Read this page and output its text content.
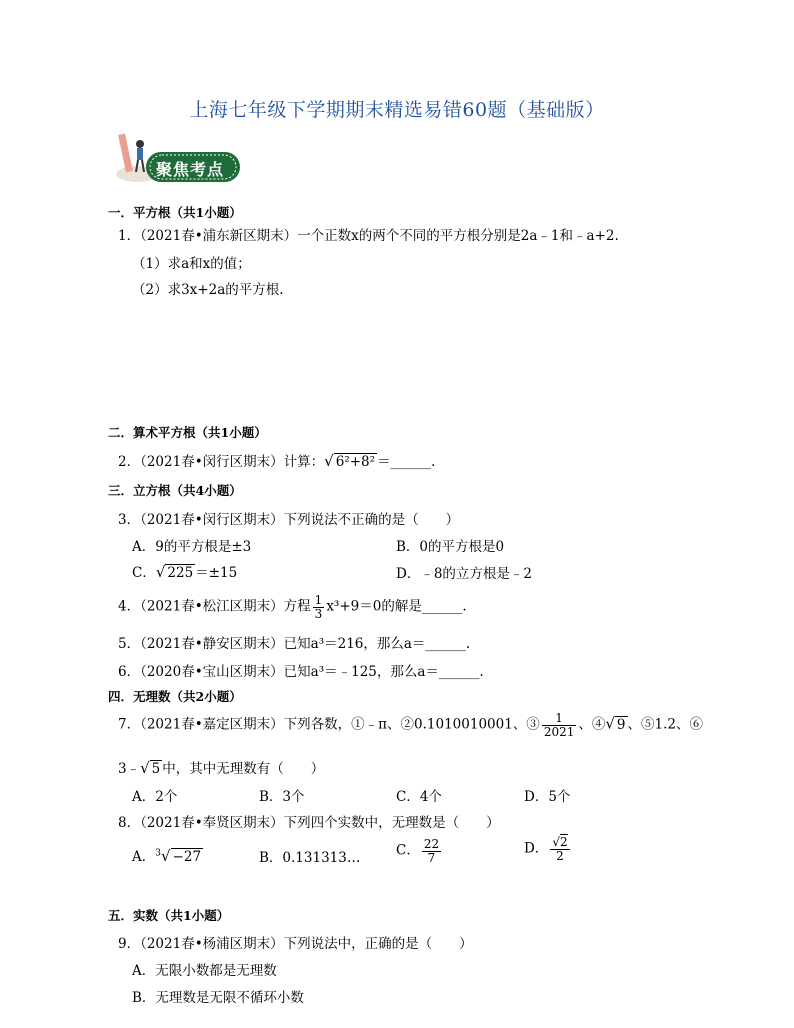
上海七年级下学期期末精选易错60题（基础版）
聚焦考点
一．平方根（共1小题）
1．（2021春•浦东新区期末）一个正数x的两个不同的平方根分别是2a﹣1和﹣a+2.
（1）求a和x的值；
（2）求3x+2a的平方根.
二．算术平方根（共1小题）
2．（2021春•闵行区期末）计算：√ 6²+8² ＝______.
三．立方根（共4小题）
3．（2021春•闵行区期末）下列说法不正确的是（　　）
A．9的平方根是±3	B．0的平方根是0
C．√ 225 ＝±15	D．﹣8的立方根是﹣2
4．（2021春•松江区期末）方程 $\frac{1}{3} x^3+9=0$的解是______.
5．（2021春•静安区期末）已知a³＝216，那么a＝______.
6．（2020春•宝山区期末）已知a³＝﹣125，那么a＝______.
四．无理数（共2小题）
7．（2021春•嘉定区期末）下列各数，①﹣π、②0.1010010001、③ $\frac{1}{2021}$ 、④√ 9 、⑤1.2、⑥
3﹣√ 5 中，其中无理数有（　　）
A．2个	B．3个	C．4个	D．5个
8．（2021春•奉贤区期末）下列四个实数中，无理数是（　　）
A．$^3$√ −27	B．0.131313…	C． $\frac{22}{7}$	D． $\frac{√2}{2}$
五．实数（共1小题）
9．（2021春•杨浦区期末）下列说法中，正确的是（　　）
A．无限小数都是无理数
B．无理数是无限不循环小数
